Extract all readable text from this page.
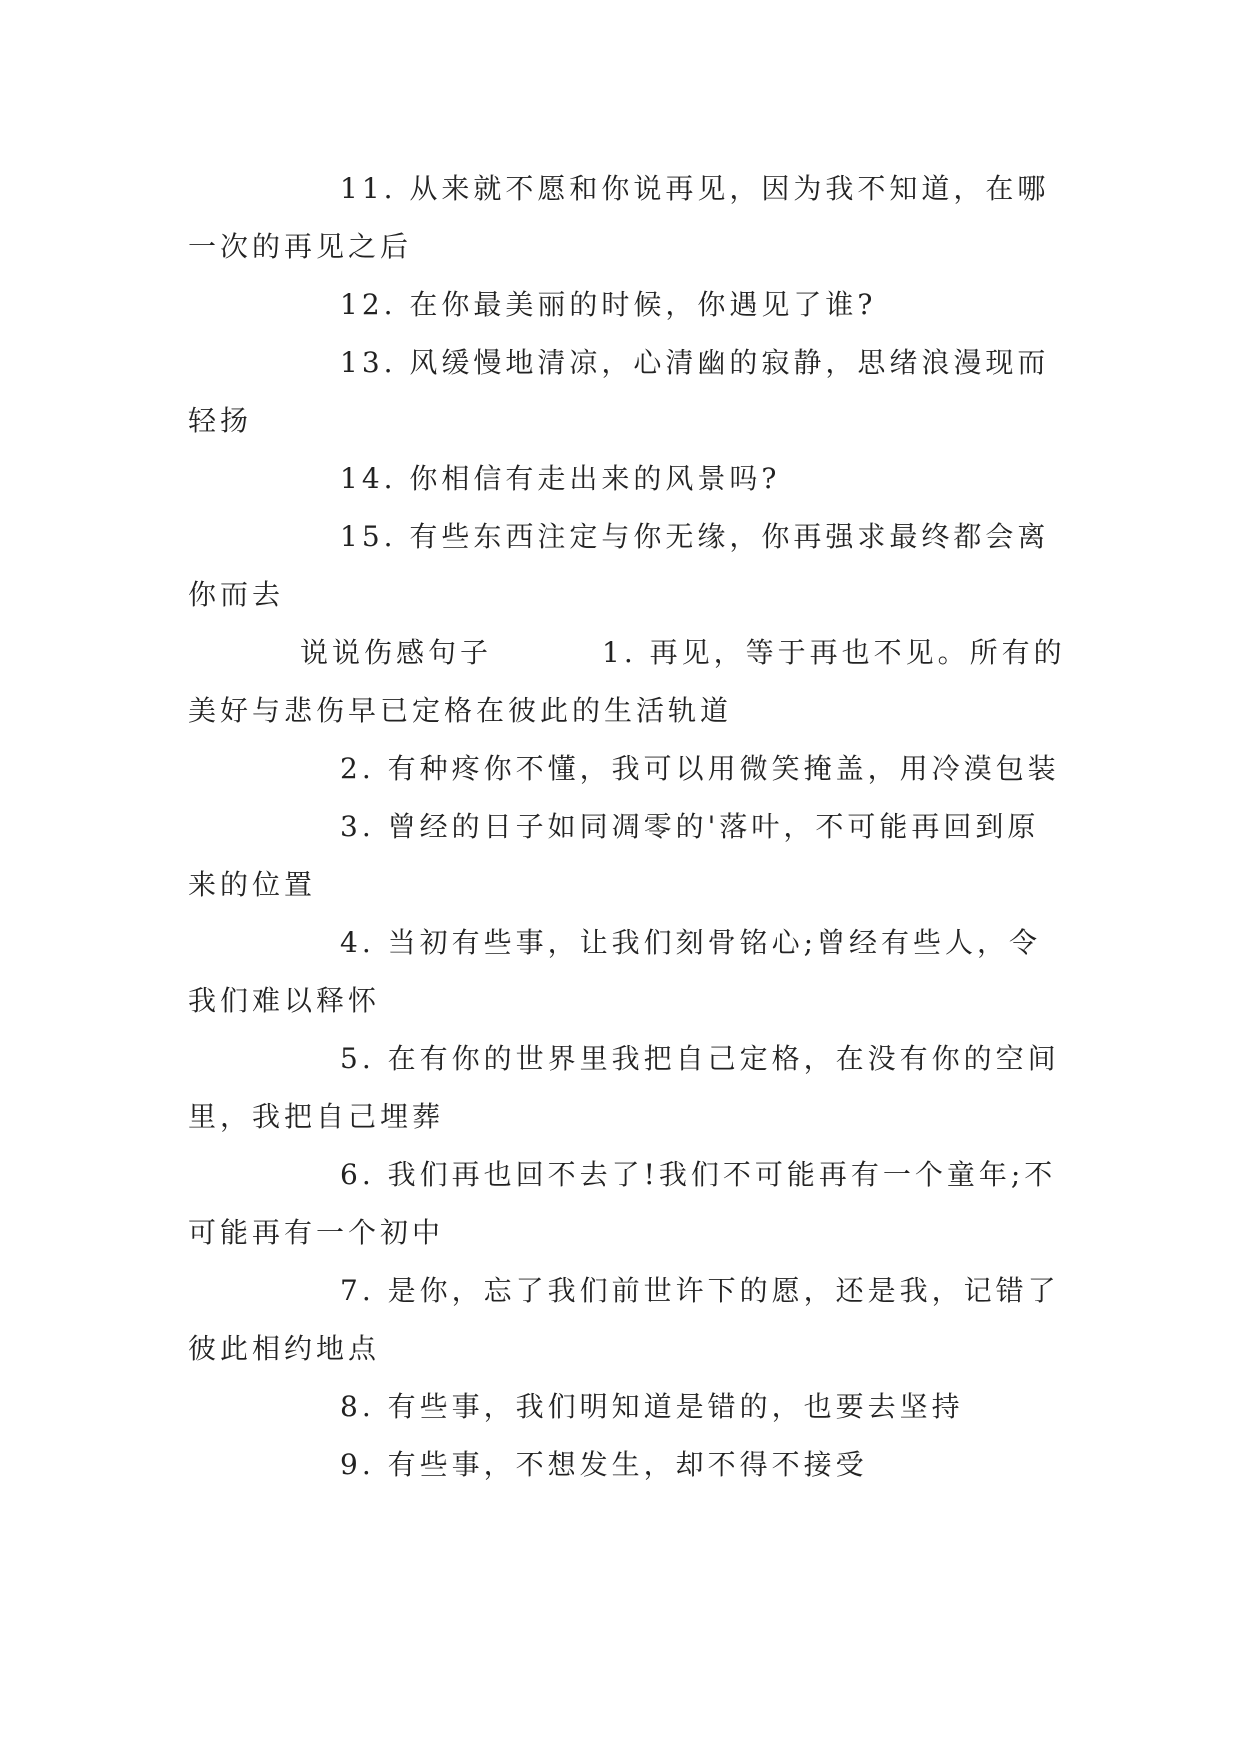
11. 从来就不愿和你说再见，因为我不知道，在哪一次的再见之后

12. 在你最美丽的时候，你遇见了谁?

13. 风缓慢地清凉，心清幽的寂静，思绪浪漫现而轻扬

14. 你相信有走出来的风景吗?

15. 有些东西注定与你无缘，你再强求最终都会离你而去

说说伤感句子	1. 再见，等于再也不见。所有的美好与悲伤早已定格在彼此的生活轨道

2. 有种疼你不懂，我可以用微笑掩盖，用冷漠包装

3. 曾经的日子如同凋零的'落叶，不可能再回到原来的位置

4. 当初有些事，让我们刻骨铭心;曾经有些人，令我们难以释怀

5. 在有你的世界里我把自己定格，在没有你的空间里，我把自己埋葬

6. 我们再也回不去了!我们不可能再有一个童年;不可能再有一个初中

7. 是你，忘了我们前世许下的愿，还是我，记错了彼此相约地点

8. 有些事，我们明知道是错的，也要去坚持

9. 有些事，不想发生，却不得不接受
